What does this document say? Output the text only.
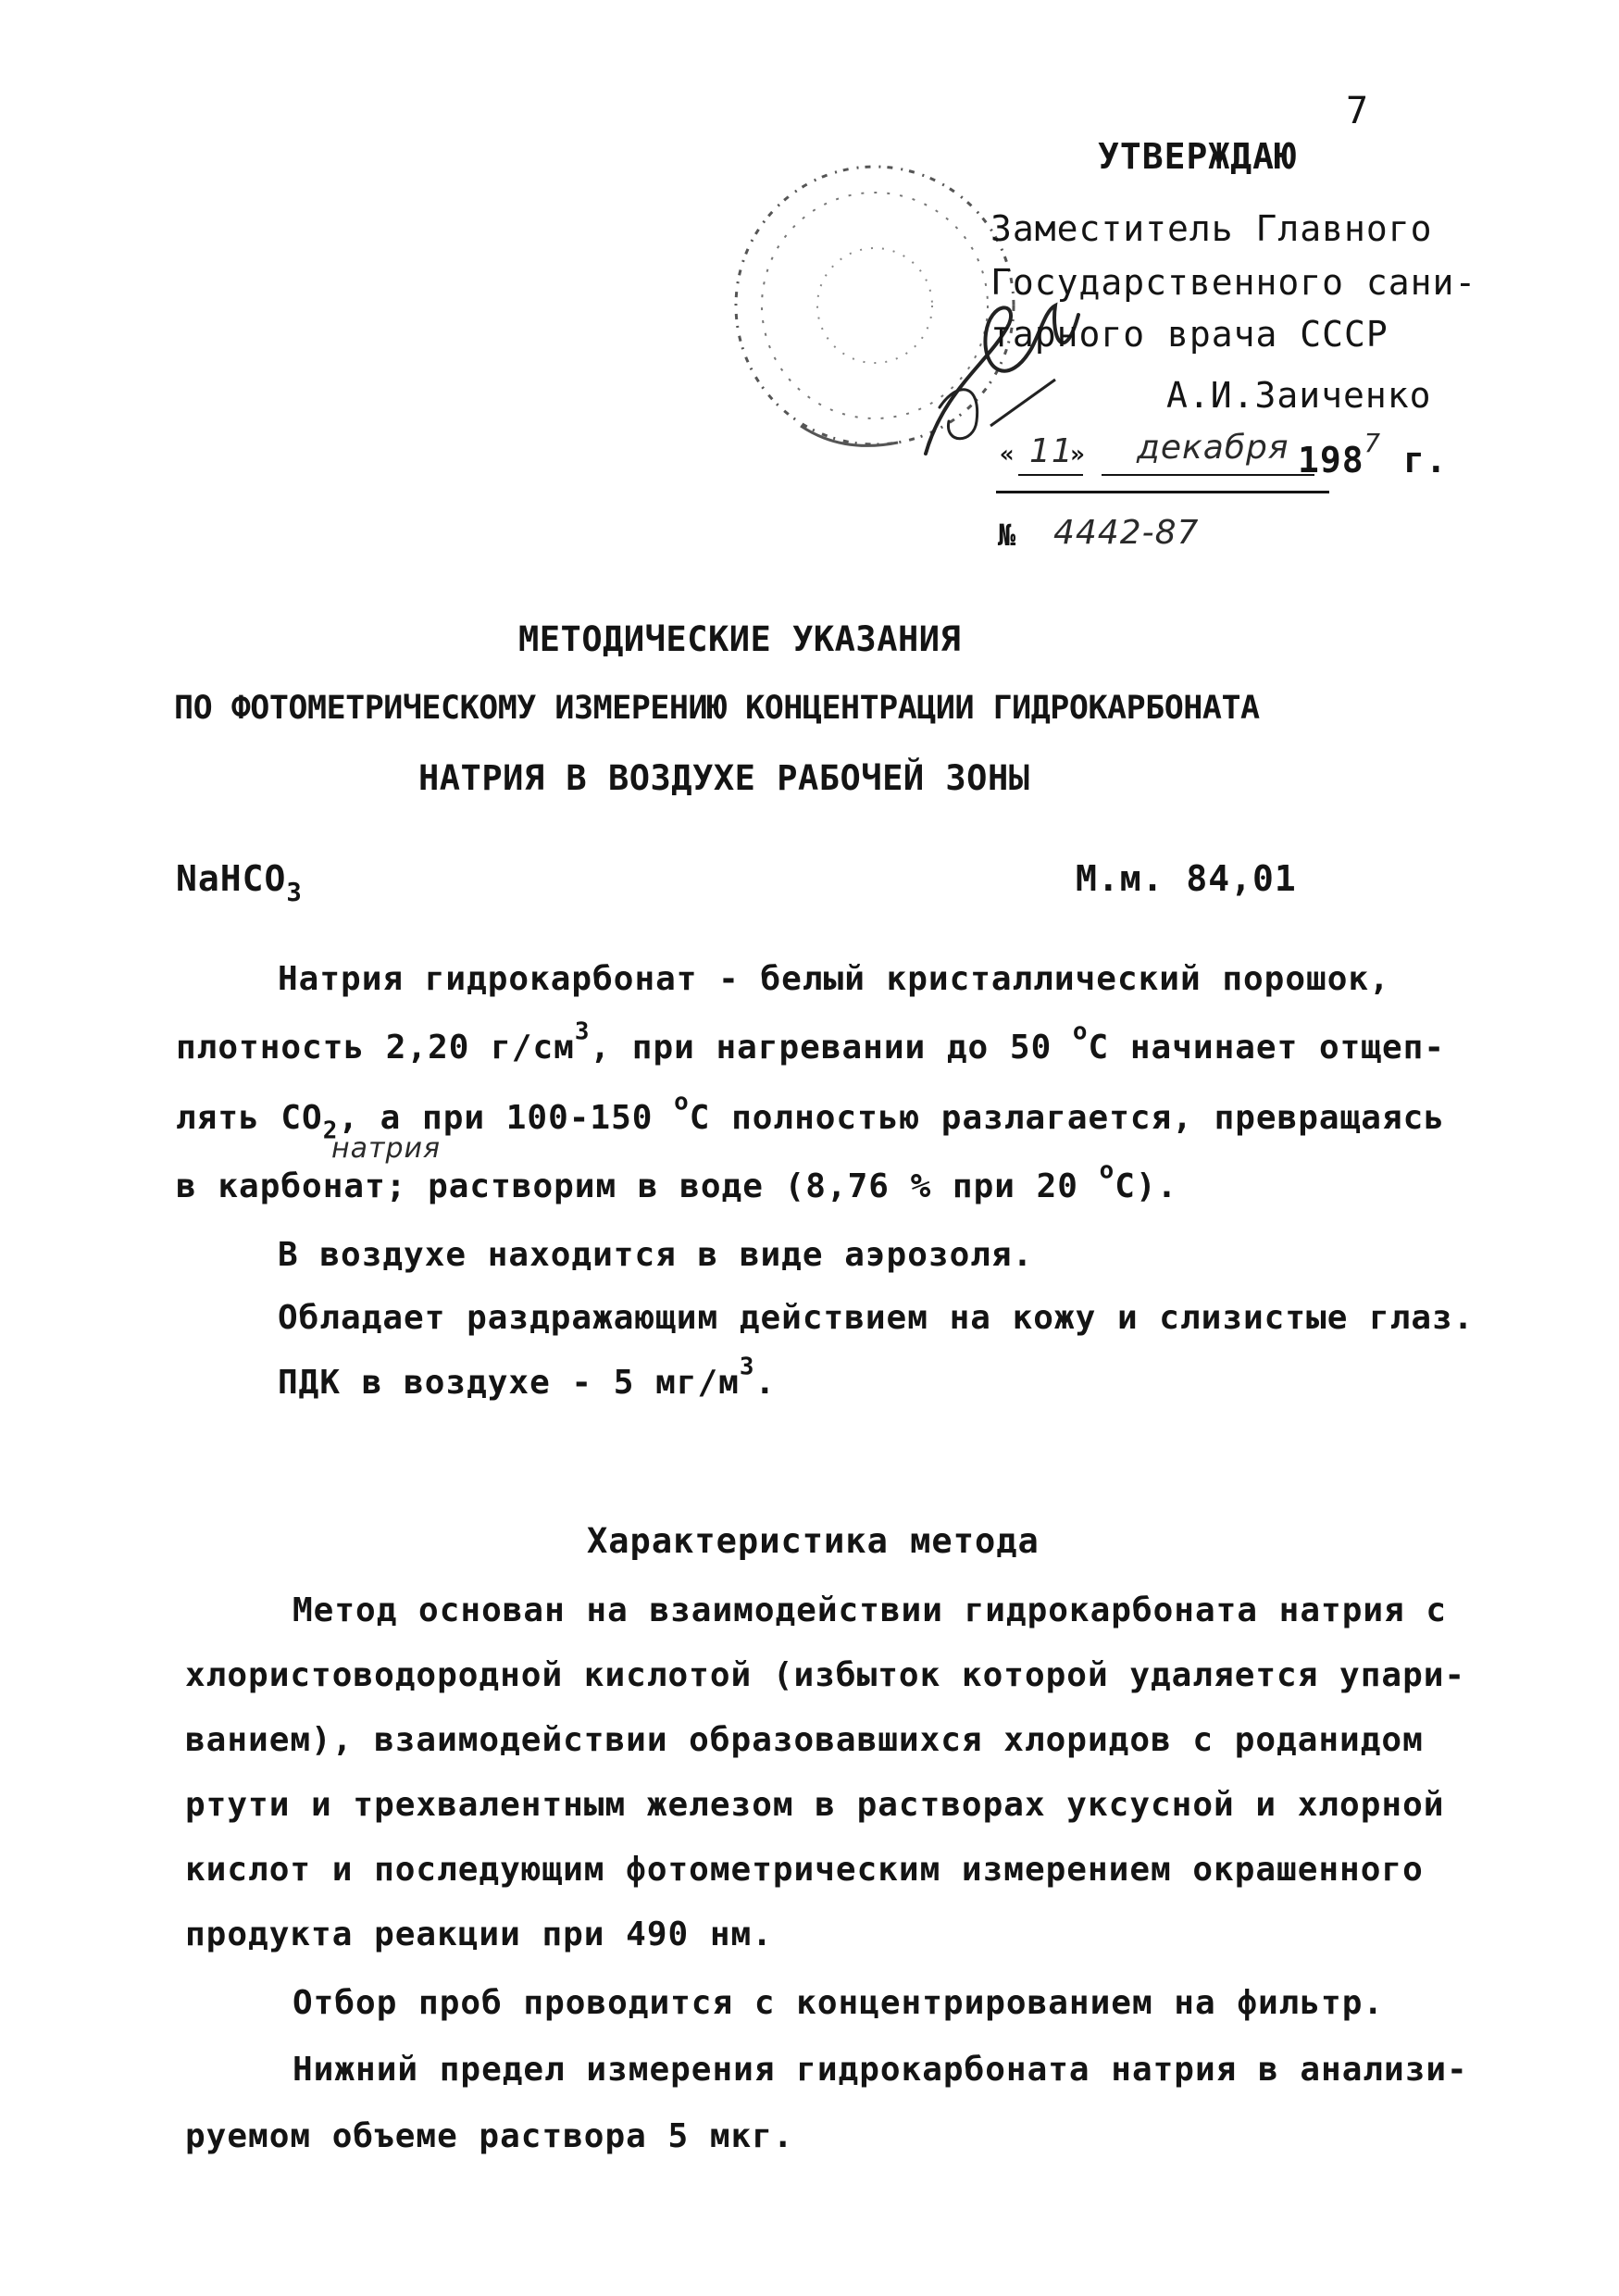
7
УТВЕРЖДАЮ
Заместитель Главного
Государственного сани-
тарного врача СССР
А.И.Заиченко
« 11
» декабря $198^7$ г.
№ 4442-87
МЕТОДИЧЕСКИЕ УКАЗАНИЯ
ПО ФОТОМЕТРИЧЕСКОМУ ИЗМЕРЕНИЮ КОНЦЕНТРАЦИИ ГИДРОКАРБОНАТА
НАТРИЯ В ВОЗДУХЕ РАБОЧЕЙ ЗОНЫ
NaHCO$_3$	М.м. 84,01
Натрия гидрокарбонат - белый кристаллический порошок,
плотность 2,20 $г/см^3$, при нагревании до 50 $^о$С начинает отщеп-
лять $СО_2$, а при 100-150 $^о$С полностью разлагается, превращаясь
натрия
в карбонат; растворим в воде (8,76 % при 20 $^о$С).
В воздухе находится в виде аэрозоля.
Обладает раздражающим действием на кожу и слизистые глаз.
ПДК в воздухе - 5 $мг/м^3$.
Характеристика метода
Метод основан на взаимодействии гидрокарбоната натрия с
хлористоводородной кислотой (избыток которой удаляется упари-
ванием), взаимодействии образовавшихся хлоридов с роданидом
ртути и трехвалентным железом в растворах уксусной и хлорной
кислот и последующим фотометрическим измерением окрашенного
продукта реакции при 490 нм.
Отбор проб проводится с концентрированием на фильтр.
Нижний предел измерения гидрокарбоната натрия в анализи-
руемом объеме раствора 5 мкг.
